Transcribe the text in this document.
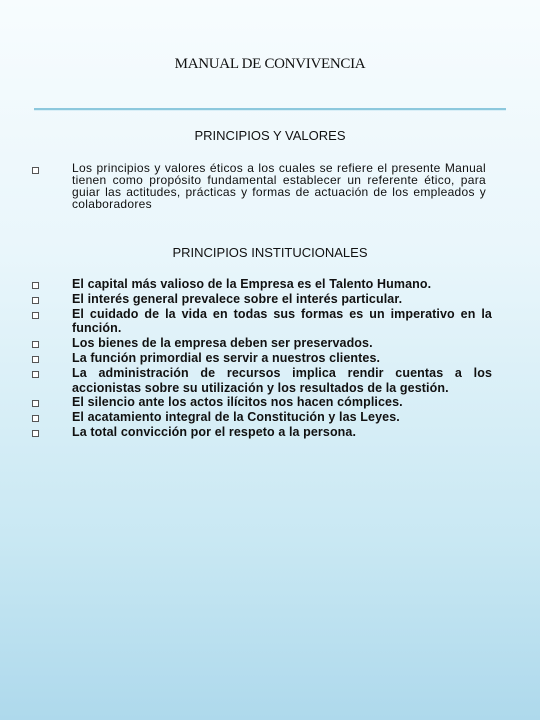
MANUAL DE CONVIVENCIA
PRINCIPIOS Y VALORES
Los principios y valores éticos a los cuales se refiere el presente Manual tienen como propósito fundamental establecer un referente ético, para guiar las actitudes, prácticas y formas de actuación de los empleados y colaboradores
PRINCIPIOS INSTITUCIONALES
El capital más valioso de la Empresa es el Talento Humano.
El interés general prevalece sobre el interés particular.
El cuidado de la vida en todas sus formas es un imperativo en la función.
Los bienes de la empresa deben ser preservados.
La función primordial es servir a nuestros clientes.
La administración de recursos implica rendir cuentas a los accionistas sobre su utilización y los resultados de la gestión.
El silencio ante los actos ilícitos nos hacen cómplices.
El acatamiento integral de la Constitución y las Leyes.
La total convicción por el respeto a la persona.
